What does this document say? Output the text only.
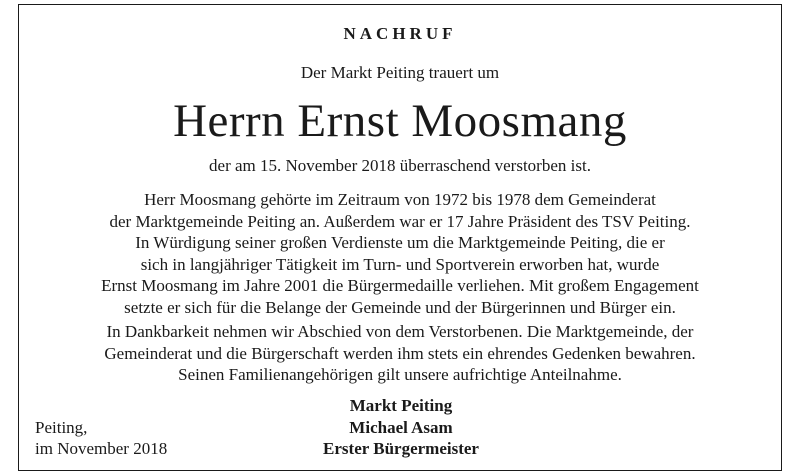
NACHRUF
Der Markt Peiting trauert um
Herrn Ernst Moosmang
der am 15. November 2018 überraschend verstorben ist.
Herr Moosmang gehörte im Zeitraum von 1972 bis 1978 dem Gemeinderat
der Marktgemeinde Peiting an. Außerdem war er 17 Jahre Präsident des TSV Peiting.
In Würdigung seiner großen Verdienste um die Marktgemeinde Peiting, die er
sich in langjähriger Tätigkeit im Turn- und Sportverein erworben hat, wurde
Ernst Moosmang im Jahre 2001 die Bürgermedaille verliehen. Mit großem Engagement
setzte er sich für die Belange der Gemeinde und der Bürgerinnen und Bürger ein.
In Dankbarkeit nehmen wir Abschied von dem Verstorbenen. Die Marktgemeinde, der
Gemeinderat und die Bürgerschaft werden ihm stets ein ehrendes Gedenken bewahren.
Seinen Familienangehörigen gilt unsere aufrichtige Anteilnahme.
Peiting,
im November 2018
Markt Peiting
Michael Asam
Erster Bürgermeister
